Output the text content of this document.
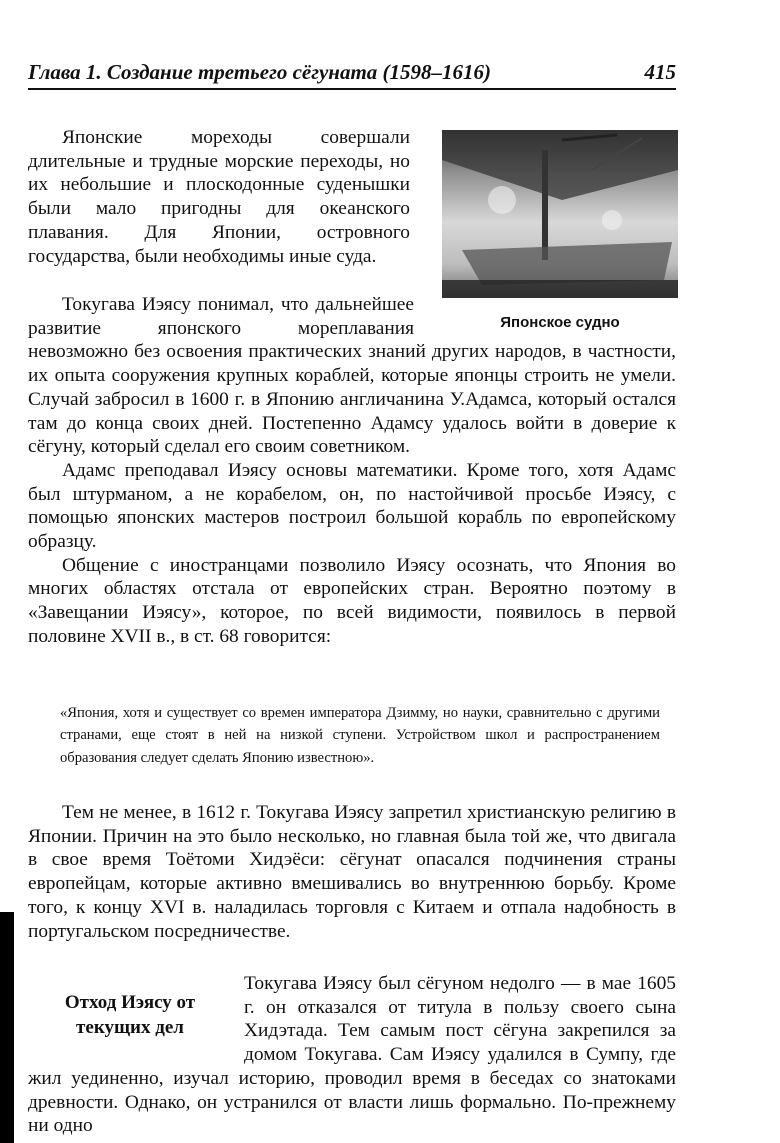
Глава 1. Создание третьего сёгуната (1598–1616)	415
Японское судно

Японские мореходы совершали длительные и трудные морские переходы, но их небольшие и плоскодонные суденышки были мало пригодны для океанского плавания. Для Японии, островного государства, были необходимы иные суда.

Токугава Иэясу понимал, что дальнейшее развитие японского мореплавания невозможно без освоения практических знаний других народов, в частности, их опыта сооружения крупных кораблей, которые японцы строить не умели. Случай забросил в 1600 г. в Японию англичанина У.Адамса, который остался там до конца своих дней. Постепенно Адамсу удалось войти в доверие к сёгуну, который сделал его своим советником.

Адамс преподавал Иэясу основы математики. Кроме того, хотя Адамс был штурманом, а не корабелом, он, по настойчивой просьбе Иэясу, с помощью японских мастеров построил большой корабль по европейскому образцу.

Общение с иностранцами позволило Иэясу осознать, что Япония во многих областях отстала от европейских стран. Вероятно поэтому в «Завещании Иэясу», которое, по всей видимости, появилось в первой половине XVII в., в ст. 68 говорится:

«Япония, хотя и существует со времен императора Дзимму, но науки, сравнительно с другими странами, еще стоят в ней на низкой ступени. Устройством школ и распространением образования следует сделать Японию известною».

Тем не менее, в 1612 г. Токугава Иэясу запретил христианскую религию в Японии. Причин на это было несколько, но главная была той же, что двигала в свое время Тоётоми Хидэёси: сёгунат опасался подчинения страны европейцам, которые активно вмешивались во внутреннюю борьбу. Кроме того, к концу XVI в. наладилась торговля с Китаем и отпала надобность в португальском посредничестве.

Отход Иэясу от
текущих дел

Токугава Иэясу был сёгуном недолго — в мае 1605 г. он отказался от титула в пользу своего сына Хидэтада. Тем самым пост сёгуна закрепился за домом Токугава. Сам Иэясу удалился в Сумпу, где жил уединенно, изучал историю, проводил время в беседах со знатоками древности. Однако, он устранился от власти лишь формально. По-прежнему ни одно
